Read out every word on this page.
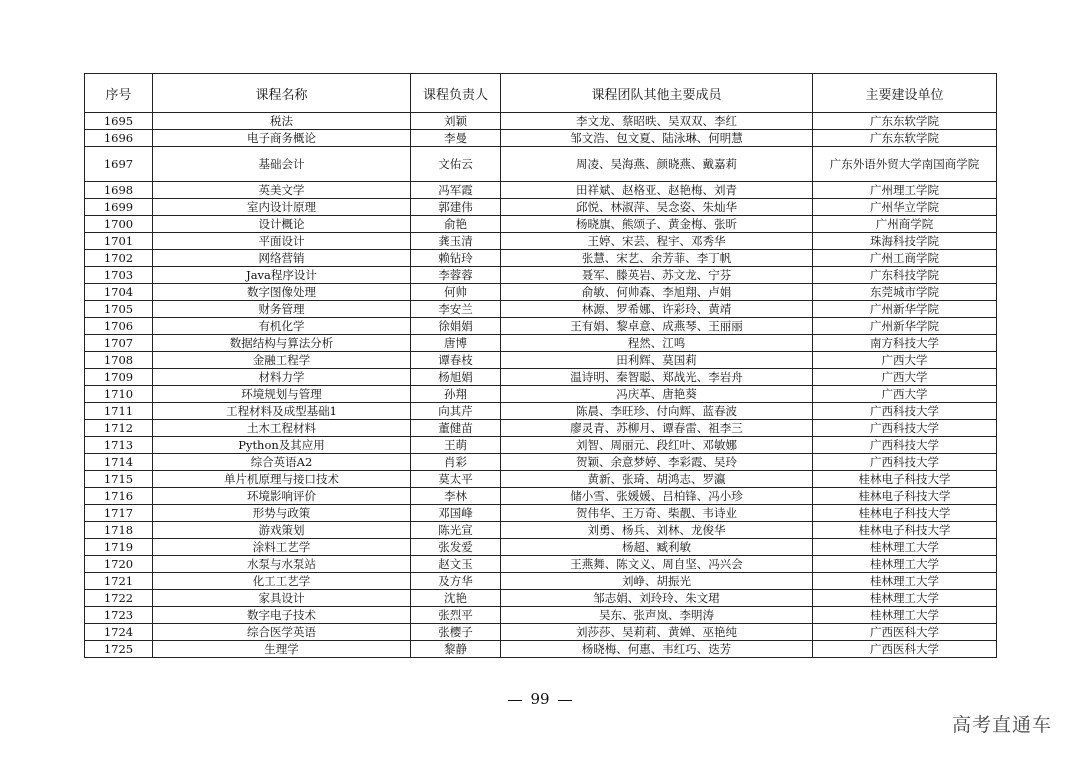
序号	课程名称	课程负责人	课程团队其他主要成员	主要建设单位
1695	税法	刘颖	李文龙、蔡昭昳、吴双双、李红	广东东软学院
1696	电子商务概论	李曼	邹文浩、包文夏、陆泳琳、何明慧	广东东软学院
1697	基础会计	文佑云	周凌、吴海燕、颜晓燕、戴嘉莉	广东外语外贸大学南国商学院
1698	英美文学	冯军霞	田祥斌、赵格亚、赵艳梅、刘青	广州理工学院
1699	室内设计原理	郭建伟	邱悦、林淑萍、吴念姿、朱灿华	广州华立学院
1700	设计概论	俞艳	杨晓旗、熊颂子、黄金梅、张昕	广州商学院
1701	平面设计	龚玉清	王婷、宋芸、程宇、邓秀华	珠海科技学院
1702	网络营销	赖钻玲	张慧、宋艺、余芳菲、李丁帆	广州工商学院
1703	Java程序设计	李蓉蓉	聂军、滕英岩、苏文龙、宁芬	广东科技学院
1704	数字图像处理	何帅	俞敏、何帅森、李旭翔、卢娟	东莞城市学院
1705	财务管理	李安兰	林源、罗希娜、许彩玲、黄靖	广州新华学院
1706	有机化学	徐娟娟	王有娟、黎卓意、成燕琴、王丽丽	广州新华学院
1707	数据结构与算法分析	唐博	程然、江鸣	南方科技大学
1708	金融工程学	谭春枝	田利辉、莫国莉	广西大学
1709	材料力学	杨旭娟	温诗明、秦智聪、郑战光、李岩舟	广西大学
1710	环境规划与管理	孙翔	冯庆革、唐艳葵	广西大学
1711	工程材料及成型基础1	向其芹	陈晨、李旺珍、付向辉、蓝春波	广西科技大学
1712	土木工程材料	董健苗	廖灵青、苏柳月、谭春雷、祖李三	广西科技大学
1713	Python及其应用	王萌	刘智、周丽元、段红叶、邓敏娜	广西科技大学
1714	综合英语A2	肖彩	贺颖、余意梦婷、李彩霞、吴玲	广西科技大学
1715	单片机原理与接口技术	莫太平	黄新、张琦、胡鸿志、罗瀛	桂林电子科技大学
1716	环境影响评价	李林	储小雪、张媛媛、吕柏锋、冯小珍	桂林电子科技大学
1717	形势与政策	邓国峰	贺伟华、王万奇、柴靓、韦诗业	桂林电子科技大学
1718	游戏策划	陈光宣	刘勇、杨兵、刘林、龙俊华	桂林电子科技大学
1719	涂料工艺学	张发爱	杨超、臧利敏	桂林理工大学
1720	水泵与水泵站	赵文玉	王燕舞、陈文义、周自坚、冯兴会	桂林理工大学
1721	化工工艺学	及方华	刘峥、胡振光	桂林理工大学
1722	家具设计	沈艳	邹志娟、刘玲玲、朱文珺	桂林理工大学
1723	数字电子技术	张烈平	吴东、张声岚、李明涛	桂林理工大学
1724	综合医学英语	张樱子	刘莎莎、吴莉莉、黄婵、巫艳纯	广西医科大学
1725	生理学	黎静	杨晓梅、何惠、韦红巧、迭芳	广西医科大学
99
高考直通车
